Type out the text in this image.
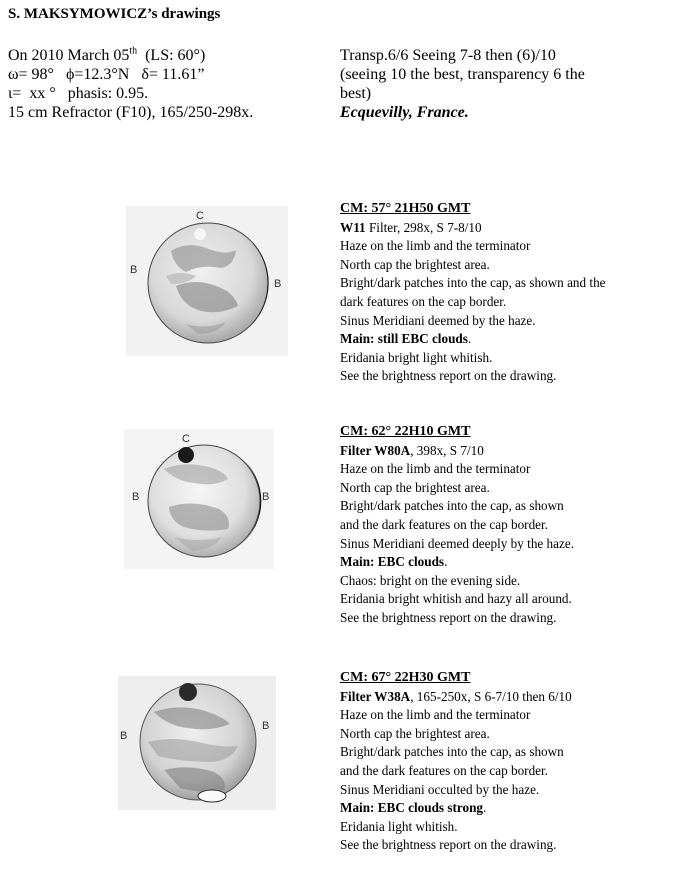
S. MAKSYMOWICZ’s drawings
On 2010 March 05th  (LS: 60°)
ω= 98°   ϕ=12.3°N   δ= 11.61”
ι=  xx °   phasis: 0.95.
15 cm Refractor (F10), 165/250-298x.
Transp.6/6 Seeing 7-8 then (6)/10
(seeing 10 the best, transparency 6 the
best)
Ecquevilly, France.
C
B
B
CM: 57° 21H50 GMT
W11 Filter, 298x, S 7-8/10
Haze on the limb and the terminator
North cap the brightest area.
Bright/dark patches into the cap, as shown and the
dark features on the cap border.
Sinus Meridiani deemed by the haze.
Main: still EBC clouds.
Eridania bright light whitish.
See the brightness report on the drawing.
C
B	B
CM: 62° 22H10 GMT
Filter W80A, 398x, S 7/10
Haze on the limb and the terminator
North cap the brightest area.
Bright/dark patches into the cap, as shown
and the dark features on the cap border.
Sinus Meridiani deemed deeply by the haze.
Main: EBC clouds.
Chaos: bright on the evening side.
Eridania bright whitish and hazy all around.
See the brightness report on the drawing.
B
B
CM: 67° 22H30 GMT
Filter W38A, 165-250x, S 6-7/10 then 6/10
Haze on the limb and the terminator
North cap the brightest area.
Bright/dark patches into the cap, as shown
and the dark features on the cap border.
Sinus Meridiani occulted by the haze.
Main: EBC clouds strong.
Eridania light whitish.
See the brightness report on the drawing.
